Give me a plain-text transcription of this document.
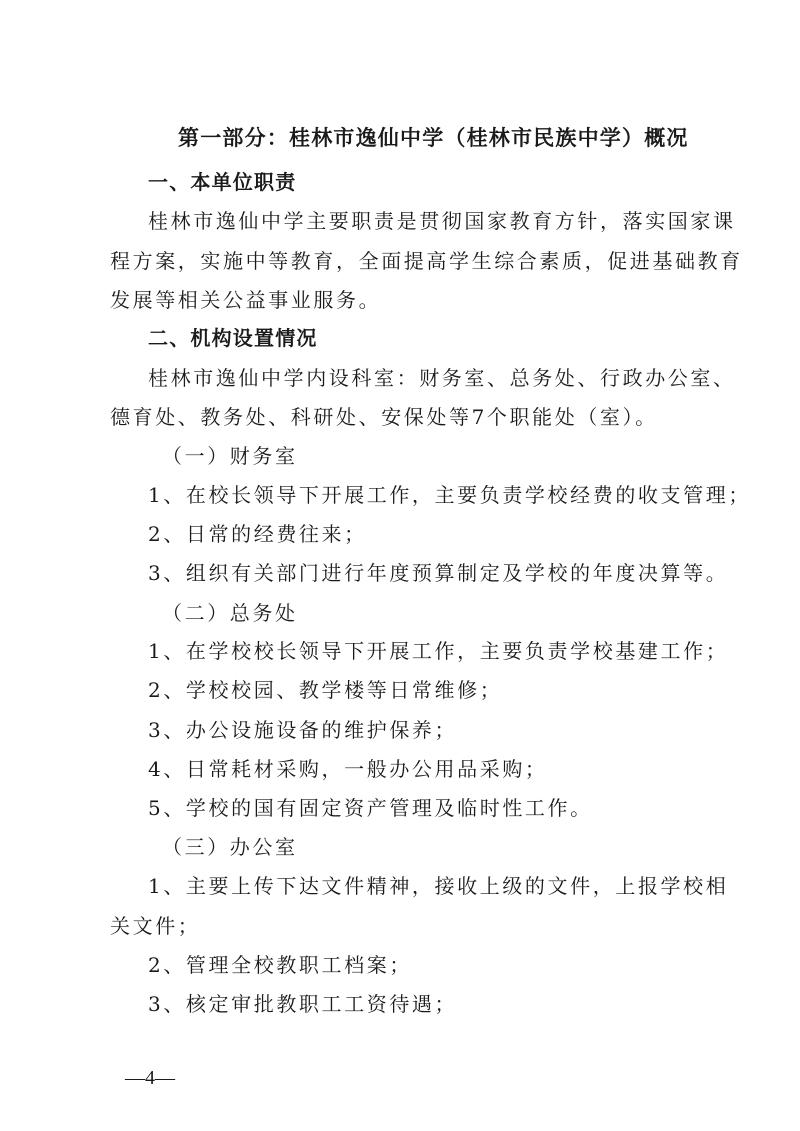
第一部分：桂林市逸仙中学（桂林市民族中学）概况
一、本单位职责
桂林市逸仙中学主要职责是贯彻国家教育方针，落实国家课
程方案，实施中等教育，全面提高学生综合素质，促进基础教育
发展等相关公益事业服务。
二、机构设置情况
桂林市逸仙中学内设科室：财务室、总务处、行政办公室、
德育处、教务处、科研处、安保处等7个职能处（室）。
（一）财务室
1、在校长领导下开展工作，主要负责学校经费的收支管理；
2、日常的经费往来；
3、组织有关部门进行年度预算制定及学校的年度决算等。
（二）总务处
1、在学校校长领导下开展工作，主要负责学校基建工作；
2、学校校园、教学楼等日常维修；
3、办公设施设备的维护保养；
4、日常耗材采购，一般办公用品采购；
5、学校的国有固定资产管理及临时性工作。
（三）办公室
1、主要上传下达文件精神，接收上级的文件，上报学校相
关文件；
2、管理全校教职工档案；
3、核定审批教职工工资待遇；
—4—
